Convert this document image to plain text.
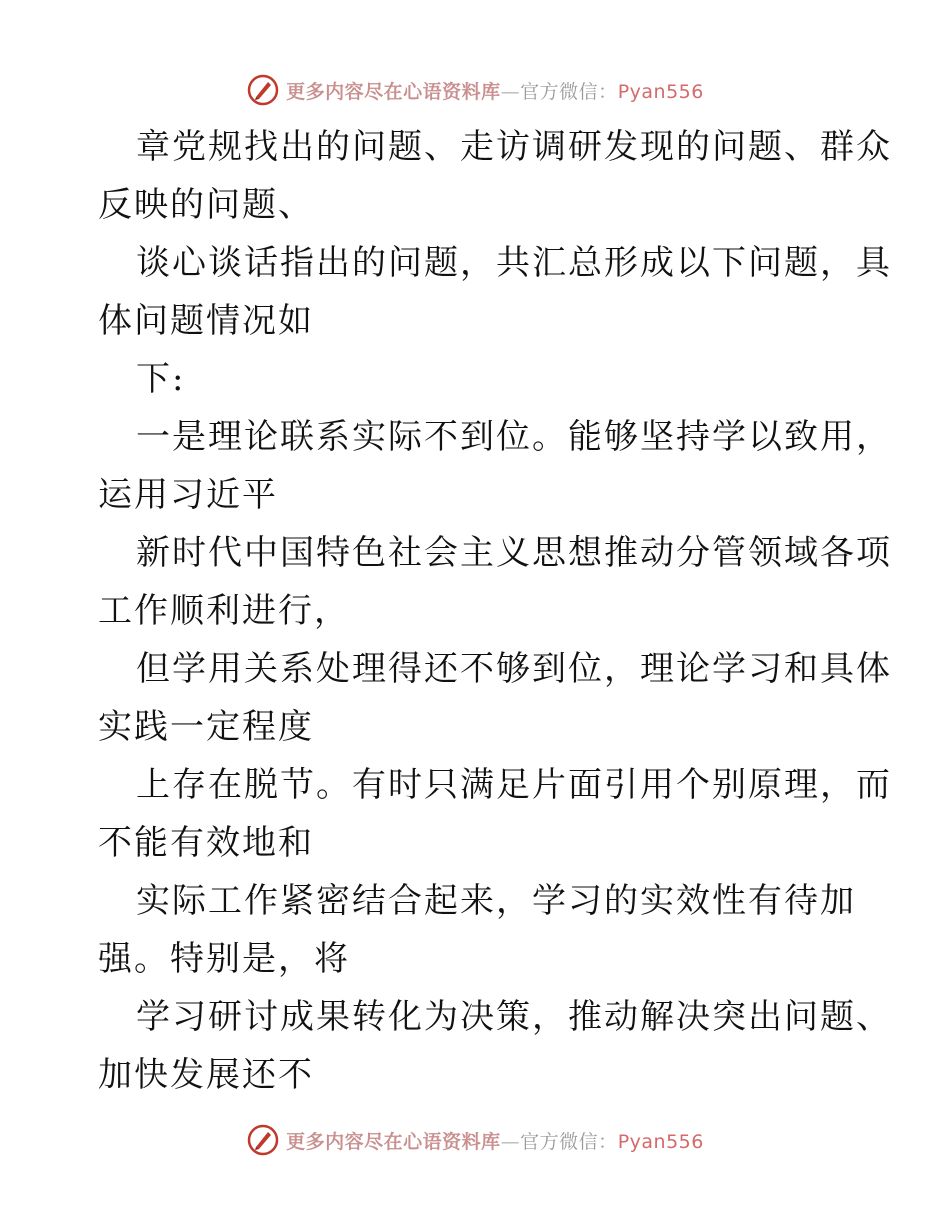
更多内容尽在心语资料库—官方微信：Pyan556
章党规找出的问题、走访调研发现的问题、群众
反映的问题、
谈心谈话指出的问题，共汇总形成以下问题，具
体问题情况如
下:
一是理论联系实际不到位。能够坚持学以致用，
运用习近平
新时代中国特色社会主义思想推动分管领域各项
工作顺利进行，
但学用关系处理得还不够到位，理论学习和具体
实践一定程度
上存在脱节。有时只满足片面引用个别原理，而
不能有效地和
实际工作紧密结合起来，学习的实效性有待加
强。特别是，将
学习研讨成果转化为决策，推动解决突出问题、
加快发展还不
更多内容尽在心语资料库—官方微信：Pyan556
